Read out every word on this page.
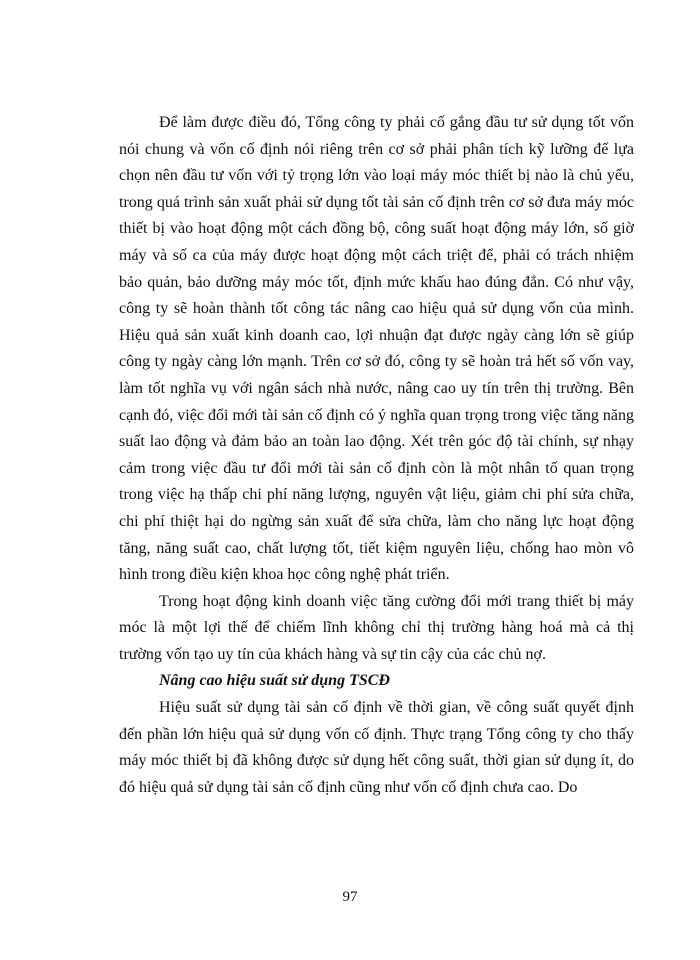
Để làm được điều đó, Tổng công ty phải cố gắng đầu tư sử dụng tốt vốn nói chung và vốn cố định nói riêng trên cơ sở phải phân tích kỹ lưỡng để lựa chọn nên đầu tư vốn với tỷ trọng lớn vào loại máy móc thiết bị nào là chủ yếu, trong quá trình sản xuất phải sử dụng tốt tài sản cố định trên cơ sở đưa máy móc thiết bị vào hoạt động một cách đồng bộ, công suất hoạt động máy lớn, số giờ máy và số ca của máy được hoạt động một cách triệt để, phải có trách nhiệm bảo quản, bảo dưỡng máy móc tốt, định mức khấu hao đúng đắn. Có như vậy, công ty sẽ hoàn thành tốt công tác nâng cao hiệu quả sử dụng vốn của mình. Hiệu quả sản xuất kinh doanh cao, lợi nhuận đạt được ngày càng lớn sẽ giúp công ty ngày càng lớn mạnh. Trên cơ sở đó, công ty sẽ hoàn trả hết số vốn vay, làm tốt nghĩa vụ với ngân sách nhà nước, nâng cao uy tín trên thị trường. Bên cạnh đó, việc đổi mới tài sản cố định có ý nghĩa quan trọng trong việc tăng năng suất lao động và đảm bảo an toàn lao động. Xét trên góc độ tài chính, sự nhạy cảm trong việc đầu tư đổi mới tài sản cố định còn là một nhân tố quan trọng trong việc hạ thấp chi phí năng lượng, nguyên vật liệu, giảm chi phí sửa chữa, chi phí thiệt hại do ngừng sản xuất để sửa chữa, làm cho năng lực hoạt động tăng, năng suất cao, chất lượng tốt, tiết kiệm nguyên liệu, chống hao mòn vô hình trong điều kiện khoa học công nghệ phát triển.

Trong hoạt động kinh doanh việc tăng cường đổi mới trang thiết bị máy móc là một lợi thế để chiếm lĩnh không chỉ thị trường hàng hoá mà cả thị trường vốn tạo uy tín của khách hàng và sự tin cậy của các chủ nợ.

Nâng cao hiệu suất sử dụng TSCĐ

Hiệu suất sử dụng tài sản cố định về thời gian, về công suất quyết định đến phần lớn hiệu quả sử dụng vốn cố định. Thực trạng Tổng công ty cho thấy máy móc thiết bị đã không được sử dụng hết công suất, thời gian sử dụng ít, do đó hiệu quả sử dụng tài sản cố định cũng như vốn cố định chưa cao. Do

97
